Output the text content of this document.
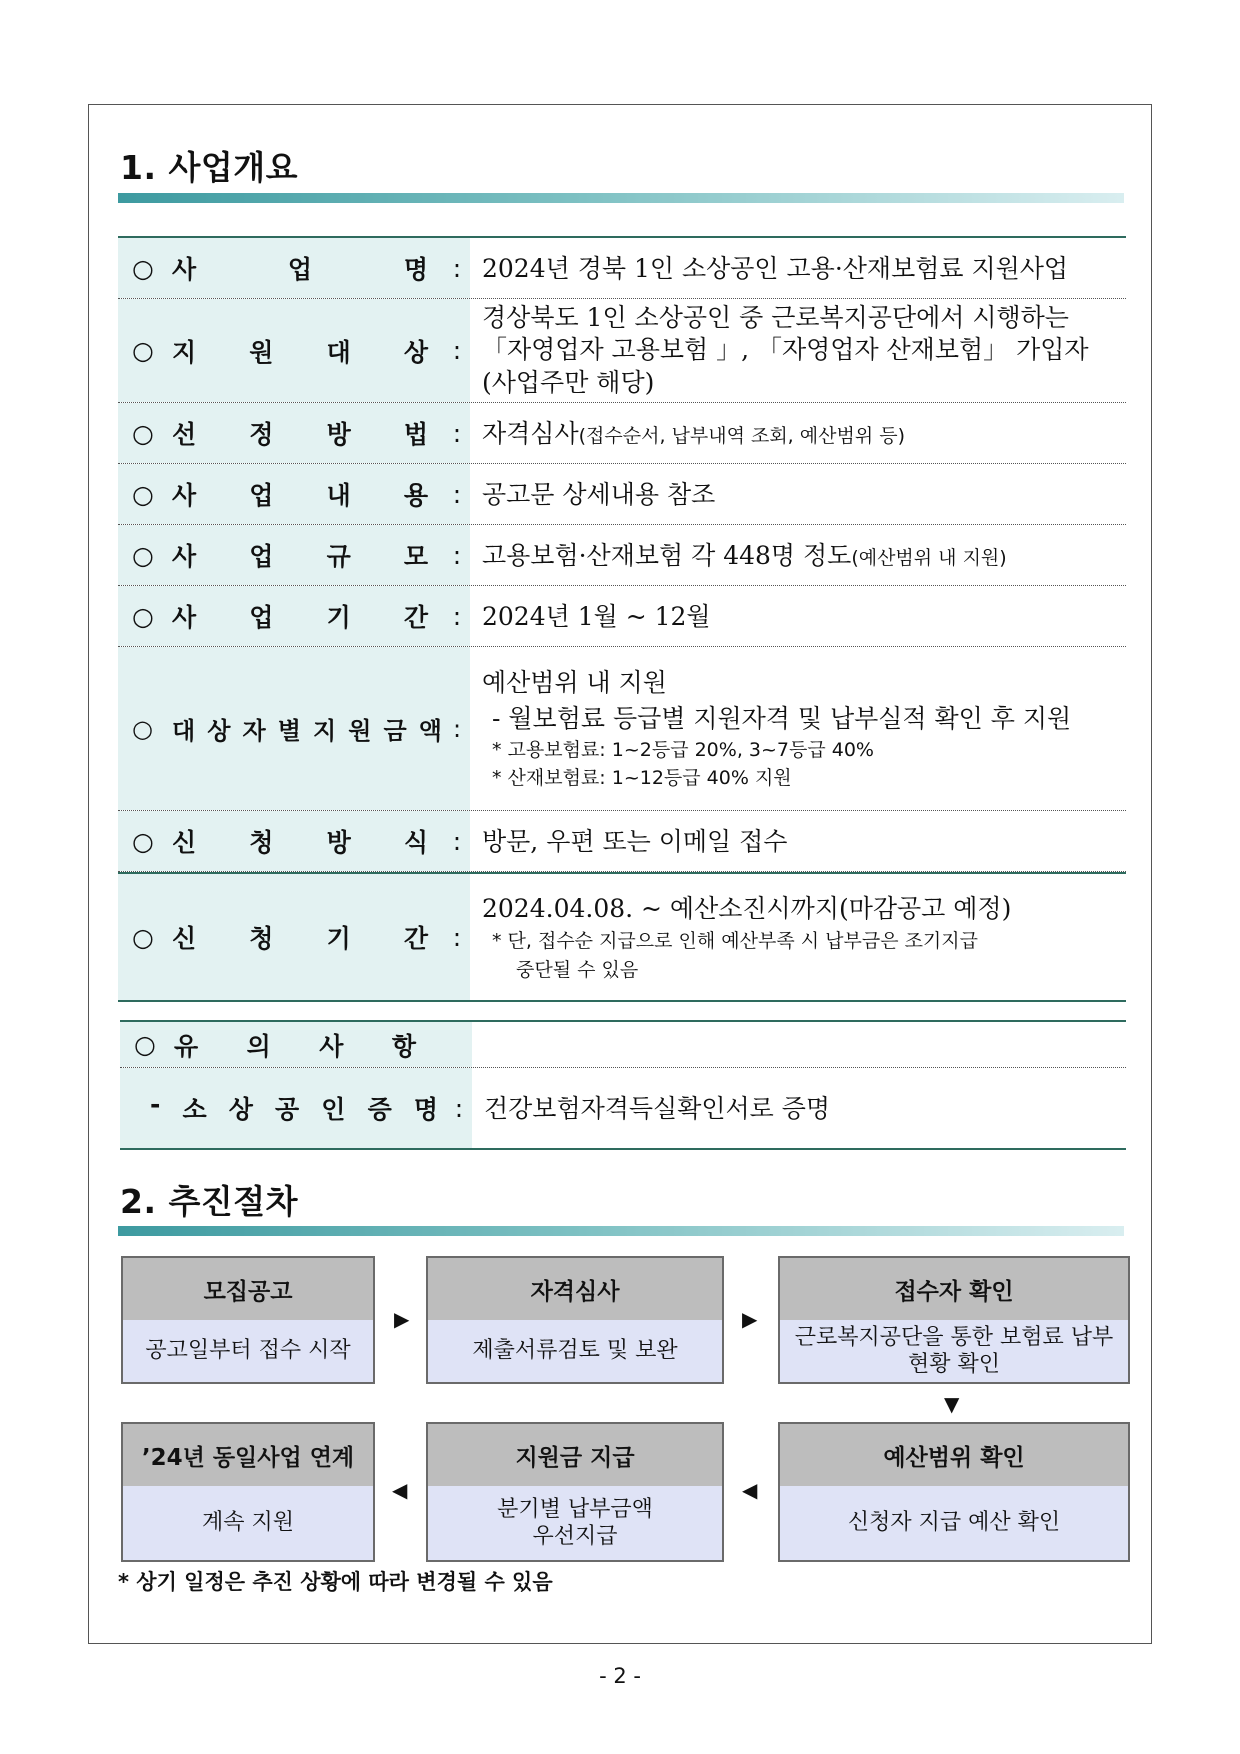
1. 사업개요
○ 사	업	명 : 2024년 경북 1인 소상공인 고용·산재보험료 지원사업
○ 지 원 대 상 :
경상북도 1인 소상공인 중 근로복지공단에서 시행하는
「자영업자 고용보험 」, 「자영업자 산재보험」 가입자
(사업주만 해당)
○ 선 정 방 법 : 자격심사(접수순서, 납부내역 조회, 예산범위 등)
○ 사 업 내 용 : 공고문 상세내용 참조
○ 사 업 규 모 : 고용보험·산재보험 각 448명 정도(예산범위 내 지원)
○ 사 업 기 간 : 2024년 1월 ~ 12월
○ 대 상 자 별 지 원 금 액 :
예산범위 내 지원
- 월보험료 등급별 지원자격 및 납부실적 확인 후 지원
* 고용보험료: 1~2등급 20%, 3~7등급 40%
* 산재보험료: 1~12등급 40% 지원
○ 신 청 방 식 : 방문, 우편 또는 이메일 접수
○ 신 청 기 간 :
2024.04.08. ~ 예산소진시까지(마감공고 예정)
* 단, 접수순 지급으로 인해 예산부족 시 납부금은 조기지급
중단될 수 있음
○ 유 의 사 항
- 소 상 공 인 증 명 : 건강보험자격득실확인서로 증명
2. 추진절차
모집공고
공고일부터 접수 시작
▶
자격심사
제출서류검토 및 보완
▶
접수자 확인
근로복지공단을 통한 보험료 납부현황 확인
▼
예산범위 확인
신청자 지급 예산 확인
◀
지원금 지급
분기별 납부금액 우선지급
◀
’24년 동일사업 연계
계속 지원
* 상기 일정은 추진 상황에 따라 변경될 수 있음
- 2 -
